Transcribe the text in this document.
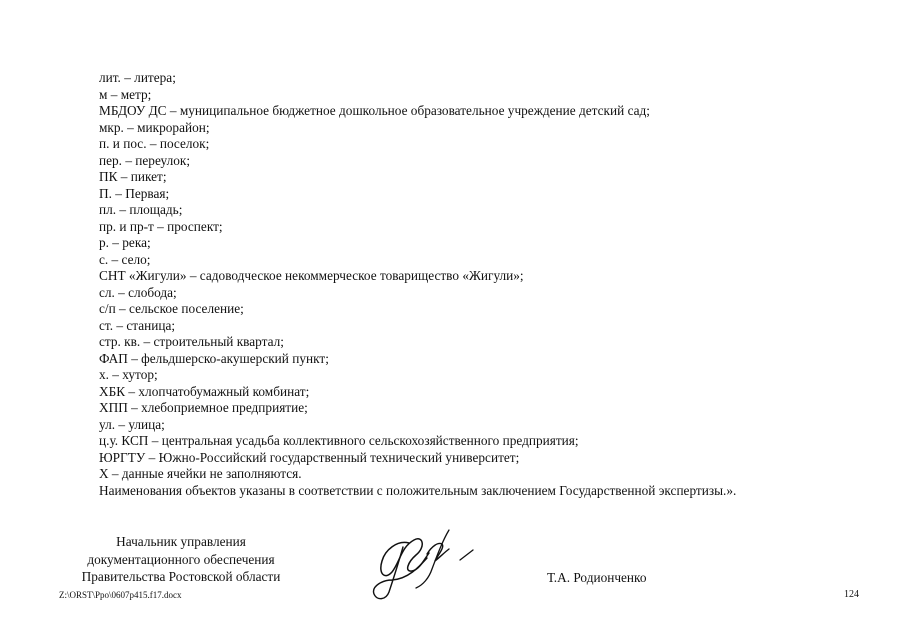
лит. – литера;
м – метр;
МБДОУ ДС – муниципальное бюджетное дошкольное образовательное учреждение детский сад;
мкр. – микрорайон;
п. и пос. – поселок;
пер. – переулок;
ПК – пикет;
П. – Первая;
пл. – площадь;
пр. и пр-т – проспект;
р. – река;
с. – село;
СНТ «Жигули» – садоводческое некоммерческое товарищество «Жигули»;
сл. – слобода;
с/п – сельское поселение;
ст. – станица;
стр. кв. – строительный квартал;
ФАП – фельдшерско-акушерский пункт;
х. – хутор;
ХБК – хлопчатобумажный комбинат;
ХПП – хлебоприемное предприятие;
ул. – улица;
ц.у. КСП – центральная усадьба коллективного сельскохозяйственного предприятия;
ЮРГТУ – Южно-Российский государственный технический университет;
Х – данные ячейки не заполняются.
Наименования объектов указаны в соответствии с положительным заключением Государственной экспертизы.».
Начальник управления
документационного обеспечения
Правительства Ростовской области	Т.А. Родионченко
Z:\ORST\Ppo\0607p415.f17.docx	124
